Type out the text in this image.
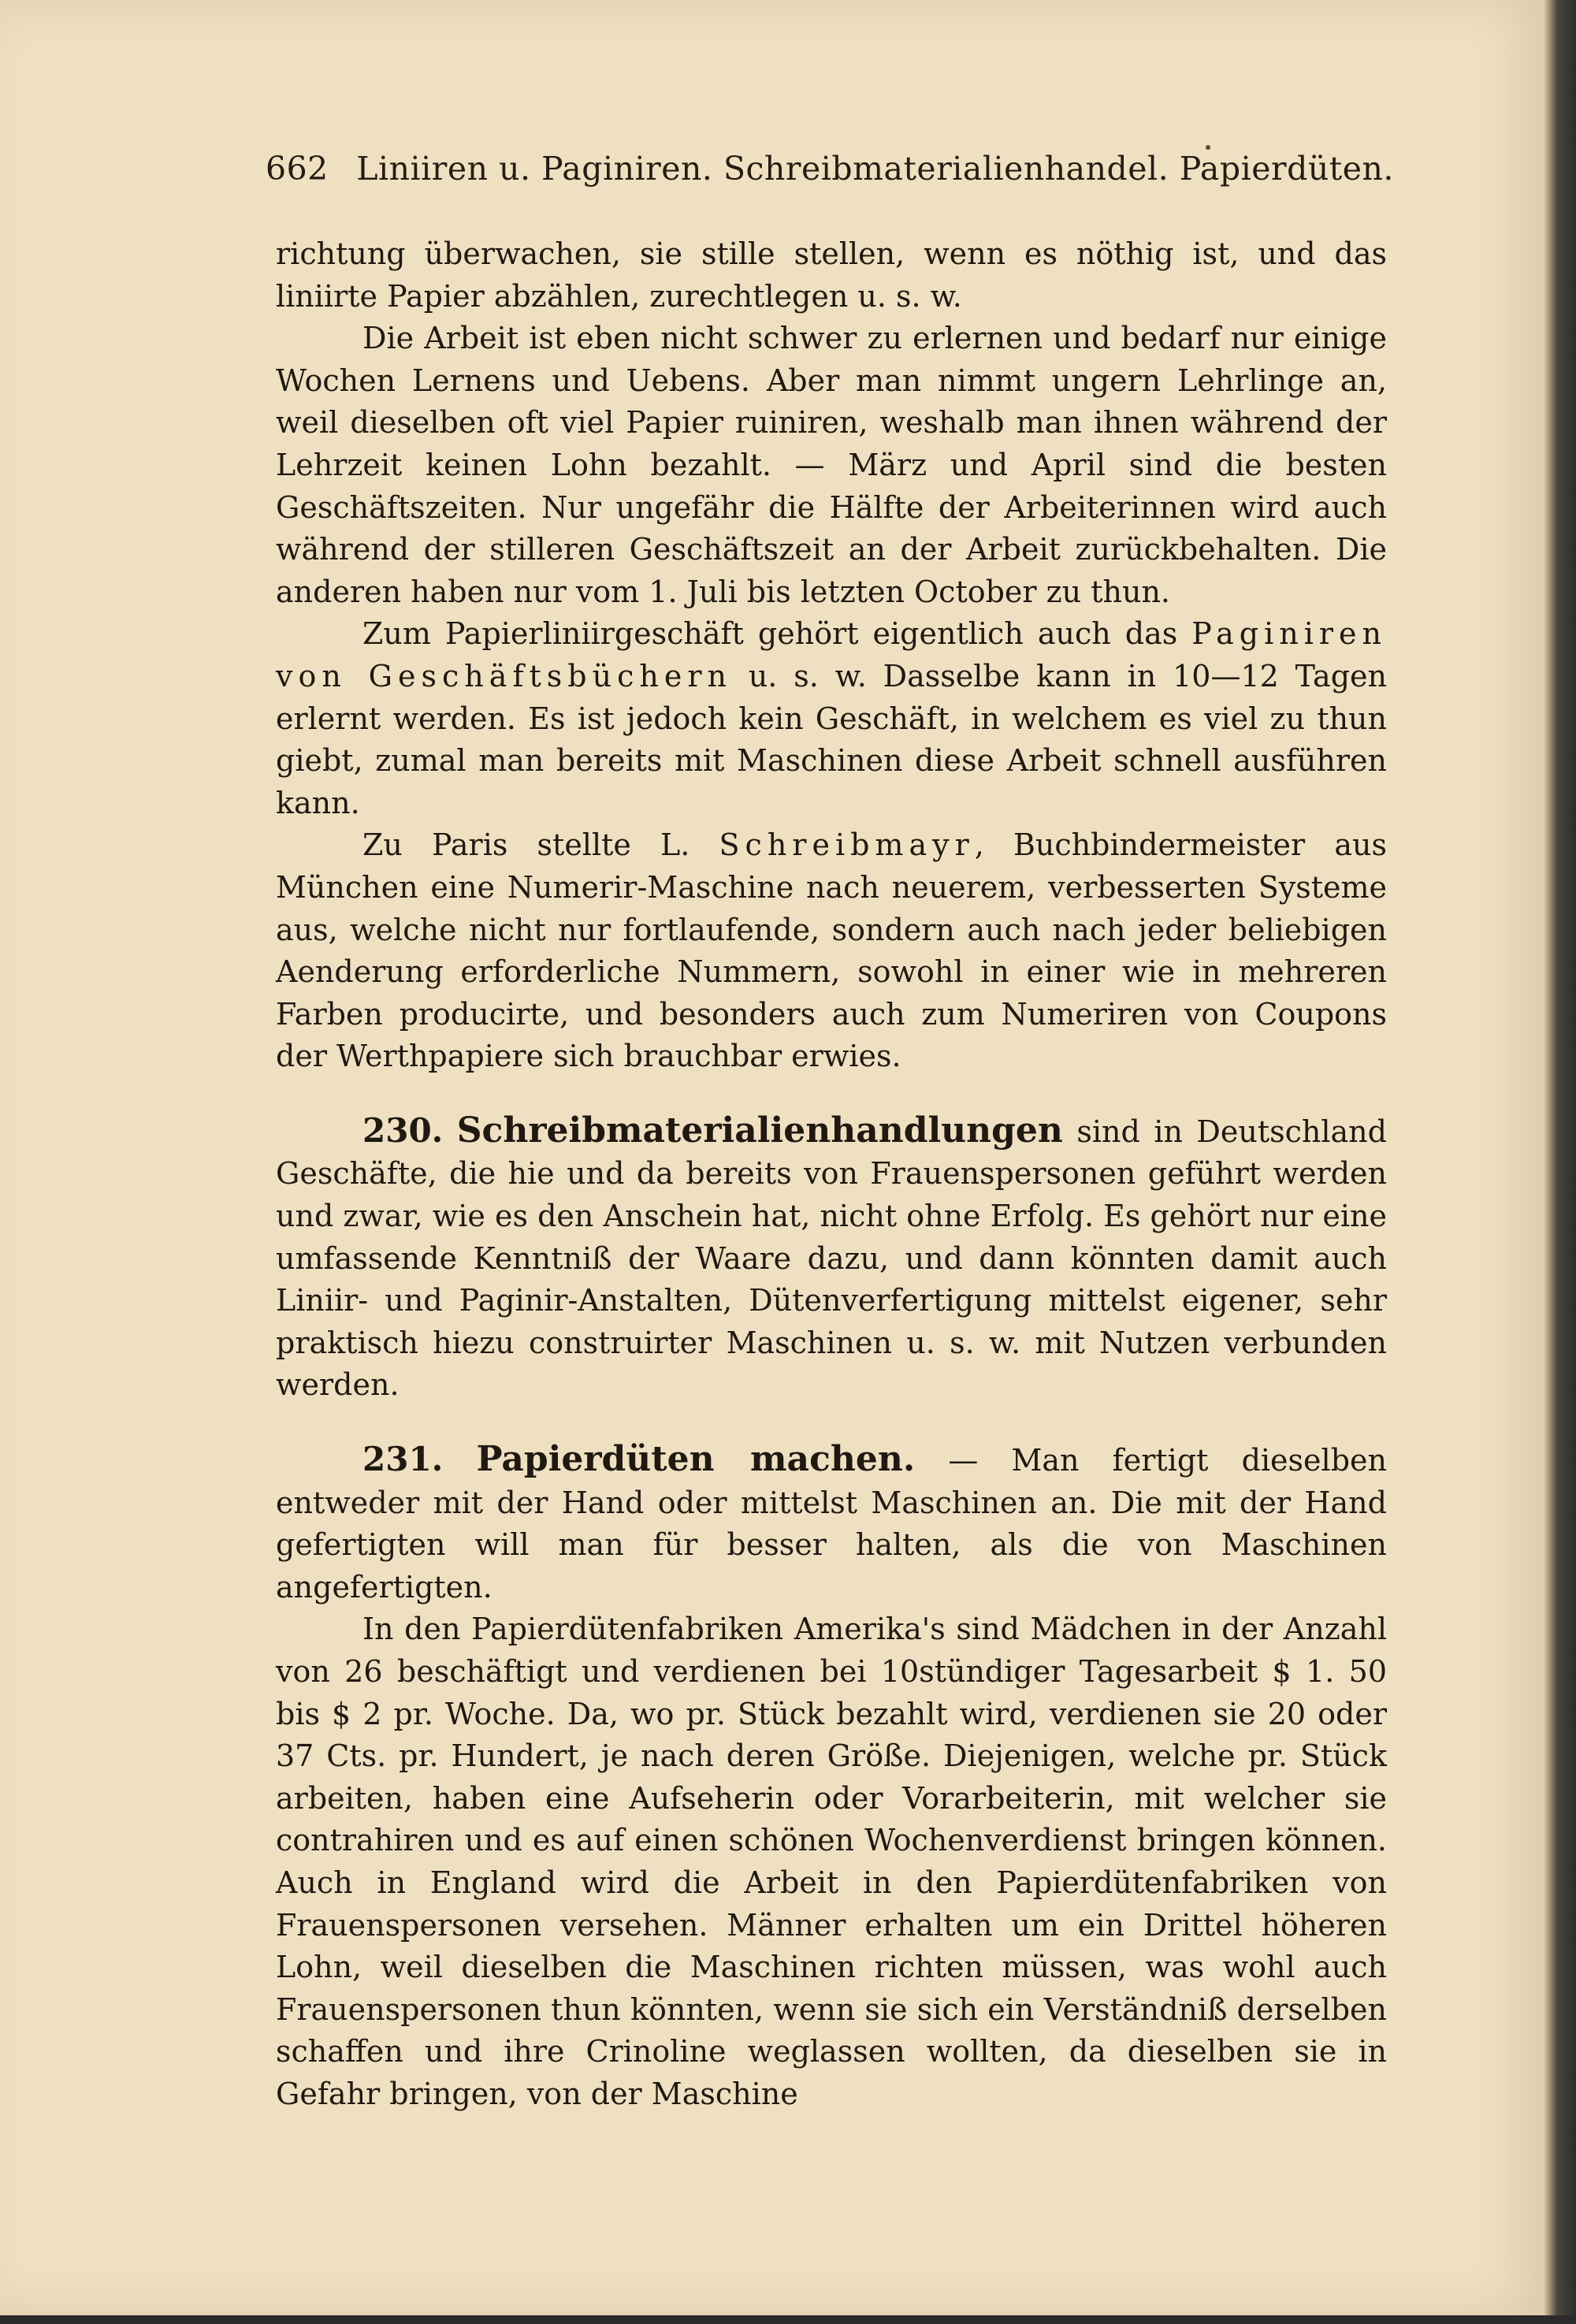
662 Liniiren u. Paginiren. Schreibmaterialienhandel. Papierdüten.

richtung überwachen, sie stille stellen, wenn es nöthig ist, und das liniirte Papier abzählen, zurechtlegen u. s. w.

Die Arbeit ist eben nicht schwer zu erlernen und bedarf nur einige Wochen Lernens und Uebens. Aber man nimmt ungern Lehrlinge an, weil dieselben oft viel Papier ruiniren, weshalb man ihnen während der Lehrzeit keinen Lohn bezahlt. — März und April sind die besten Geschäftszeiten. Nur ungefähr die Hälfte der Arbeiterinnen wird auch während der stilleren Geschäftszeit an der Arbeit zurückbehalten. Die anderen haben nur vom 1. Juli bis letzten October zu thun.

Zum Papierliniirgeschäft gehört eigentlich auch das Paginiren von Geschäftsbüchern u. s. w. Dasselbe kann in 10—12 Tagen erlernt werden. Es ist jedoch kein Geschäft, in welchem es viel zu thun giebt, zumal man bereits mit Maschinen diese Arbeit schnell ausführen kann.

Zu Paris stellte L. Schreibmayr, Buchbindermeister aus München eine Numerir-Maschine nach neuerem, verbesserten Systeme aus, welche nicht nur fortlaufende, sondern auch nach jeder beliebigen Aenderung erforderliche Nummern, sowohl in einer wie in mehreren Farben producirte, und besonders auch zum Numeriren von Coupons der Werthpapiere sich brauchbar erwies.

230. Schreibmaterialienhandlungen sind in Deutschland Geschäfte, die hie und da bereits von Frauenspersonen geführt werden und zwar, wie es den Anschein hat, nicht ohne Erfolg. Es gehört nur eine umfassende Kenntniß der Waare dazu, und dann könnten damit auch Liniir- und Paginir-Anstalten, Dütenverfertigung mittelst eigener, sehr praktisch hiezu construirter Maschinen u. s. w. mit Nutzen verbunden werden.

231. Papierdüten machen. — Man fertigt dieselben entweder mit der Hand oder mittelst Maschinen an. Die mit der Hand gefertigten will man für besser halten, als die von Maschinen angefertigten.

In den Papierdütenfabriken Amerika's sind Mädchen in der Anzahl von 26 beschäftigt und verdienen bei 10stündiger Tagesarbeit $ 1. 50 bis $ 2 pr. Woche. Da, wo pr. Stück bezahlt wird, verdienen sie 20 oder 37 Cts. pr. Hundert, je nach deren Größe. Diejenigen, welche pr. Stück arbeiten, haben eine Aufseherin oder Vorarbeiterin, mit welcher sie contrahiren und es auf einen schönen Wochenverdienst bringen können. Auch in England wird die Arbeit in den Papierdütenfabriken von Frauenspersonen versehen. Männer erhalten um ein Drittel höheren Lohn, weil dieselben die Maschinen richten müssen, was wohl auch Frauenspersonen thun könnten, wenn sie sich ein Verständniß derselben schaffen und ihre Crinoline weglassen wollten, da dieselben sie in Gefahr bringen, von der Maschine
